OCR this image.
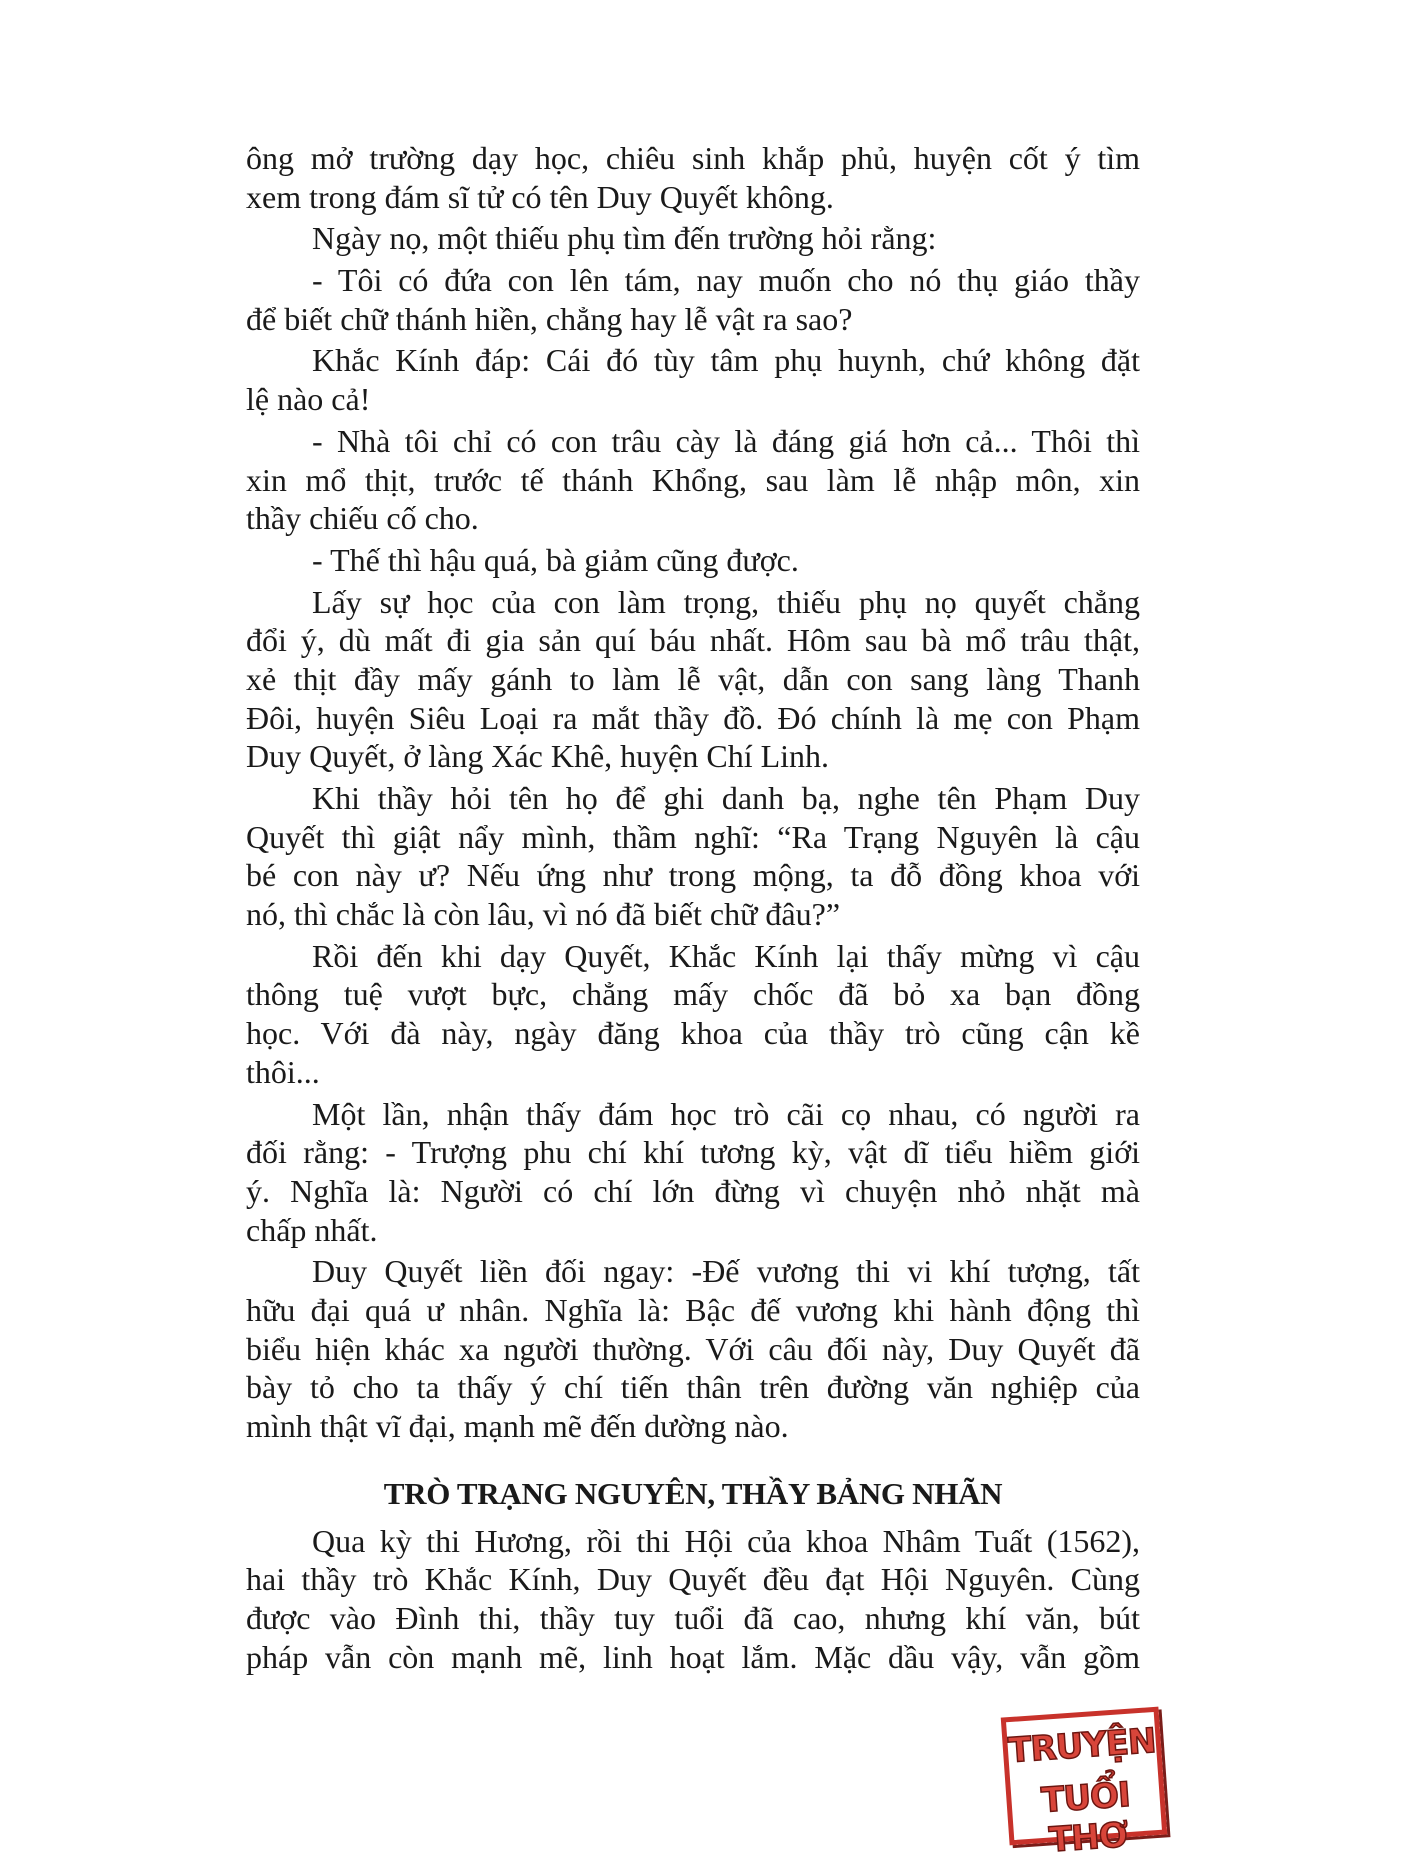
ông mở trường dạy học, chiêu sinh khắp phủ, huyện cốt ý tìm
xem trong đám sĩ tử có tên Duy Quyết không.
Ngày nọ, một thiếu phụ tìm đến trường hỏi rằng:
- Tôi có đứa con lên tám, nay muốn cho nó thụ giáo thầy
để biết chữ thánh hiền, chẳng hay lễ vật ra sao?
Khắc Kính đáp: Cái đó tùy tâm phụ huynh, chứ không đặt
lệ nào cả!
- Nhà tôi chỉ có con trâu cày là đáng giá hơn cả... Thôi thì
xin mổ thịt, trước tế thánh Khổng, sau làm lễ nhập môn, xin
thầy chiếu cố cho.
- Thế thì hậu quá, bà giảm cũng được.
Lấy sự học của con làm trọng, thiếu phụ nọ quyết chẳng
đổi ý, dù mất đi gia sản quí báu nhất. Hôm sau bà mổ trâu thật,
xẻ thịt đầy mấy gánh to làm lễ vật, dẫn con sang làng Thanh
Đôi, huyện Siêu Loại ra mắt thầy đồ. Đó chính là mẹ con Phạm
Duy Quyết, ở làng Xác Khê, huyện Chí Linh.
Khi thầy hỏi tên họ để ghi danh bạ, nghe tên Phạm Duy
Quyết thì giật nẩy mình, thầm nghĩ: “Ra Trạng Nguyên là cậu
bé con này ư? Nếu ứng như trong mộng, ta đỗ đồng khoa với
nó, thì chắc là còn lâu, vì nó đã biết chữ đâu?”
Rồi đến khi dạy Quyết, Khắc Kính lại thấy mừng vì cậu
thông tuệ vượt bực, chẳng mấy chốc đã bỏ xa bạn đồng
học. Với đà này, ngày đăng khoa của thầy trò cũng cận kề
thôi...
Một lần, nhận thấy đám học trò cãi cọ nhau, có người ra
đối rằng: - Trượng phu chí khí tương kỳ, vật dĩ tiểu hiềm giới
ý. Nghĩa là: Người có chí lớn đừng vì chuyện nhỏ nhặt mà
chấp nhất.
Duy Quyết liền đối ngay: -Đế vương thi vi khí tượng, tất
hữu đại quá ư nhân. Nghĩa là: Bậc đế vương khi hành động thì
biểu hiện khác xa người thường. Với câu đối này, Duy Quyết đã
bày tỏ cho ta thấy ý chí tiến thân trên đường văn nghiệp của
mình thật vĩ đại, mạnh mẽ đến dường nào.
TRÒ TRẠNG NGUYÊN, THẦY BẢNG NHÃN
Qua kỳ thi Hương, rồi thi Hội của khoa Nhâm Tuất (1562),
hai thầy trò Khắc Kính, Duy Quyết đều đạt Hội Nguyên. Cùng
được vào Đình thi, thầy tuy tuổi đã cao, nhưng khí văn, bút
pháp vẫn còn mạnh mẽ, linh hoạt lắm. Mặc dầu vậy, vẫn gồm
TRUYỆN
TUỔI THƠ
